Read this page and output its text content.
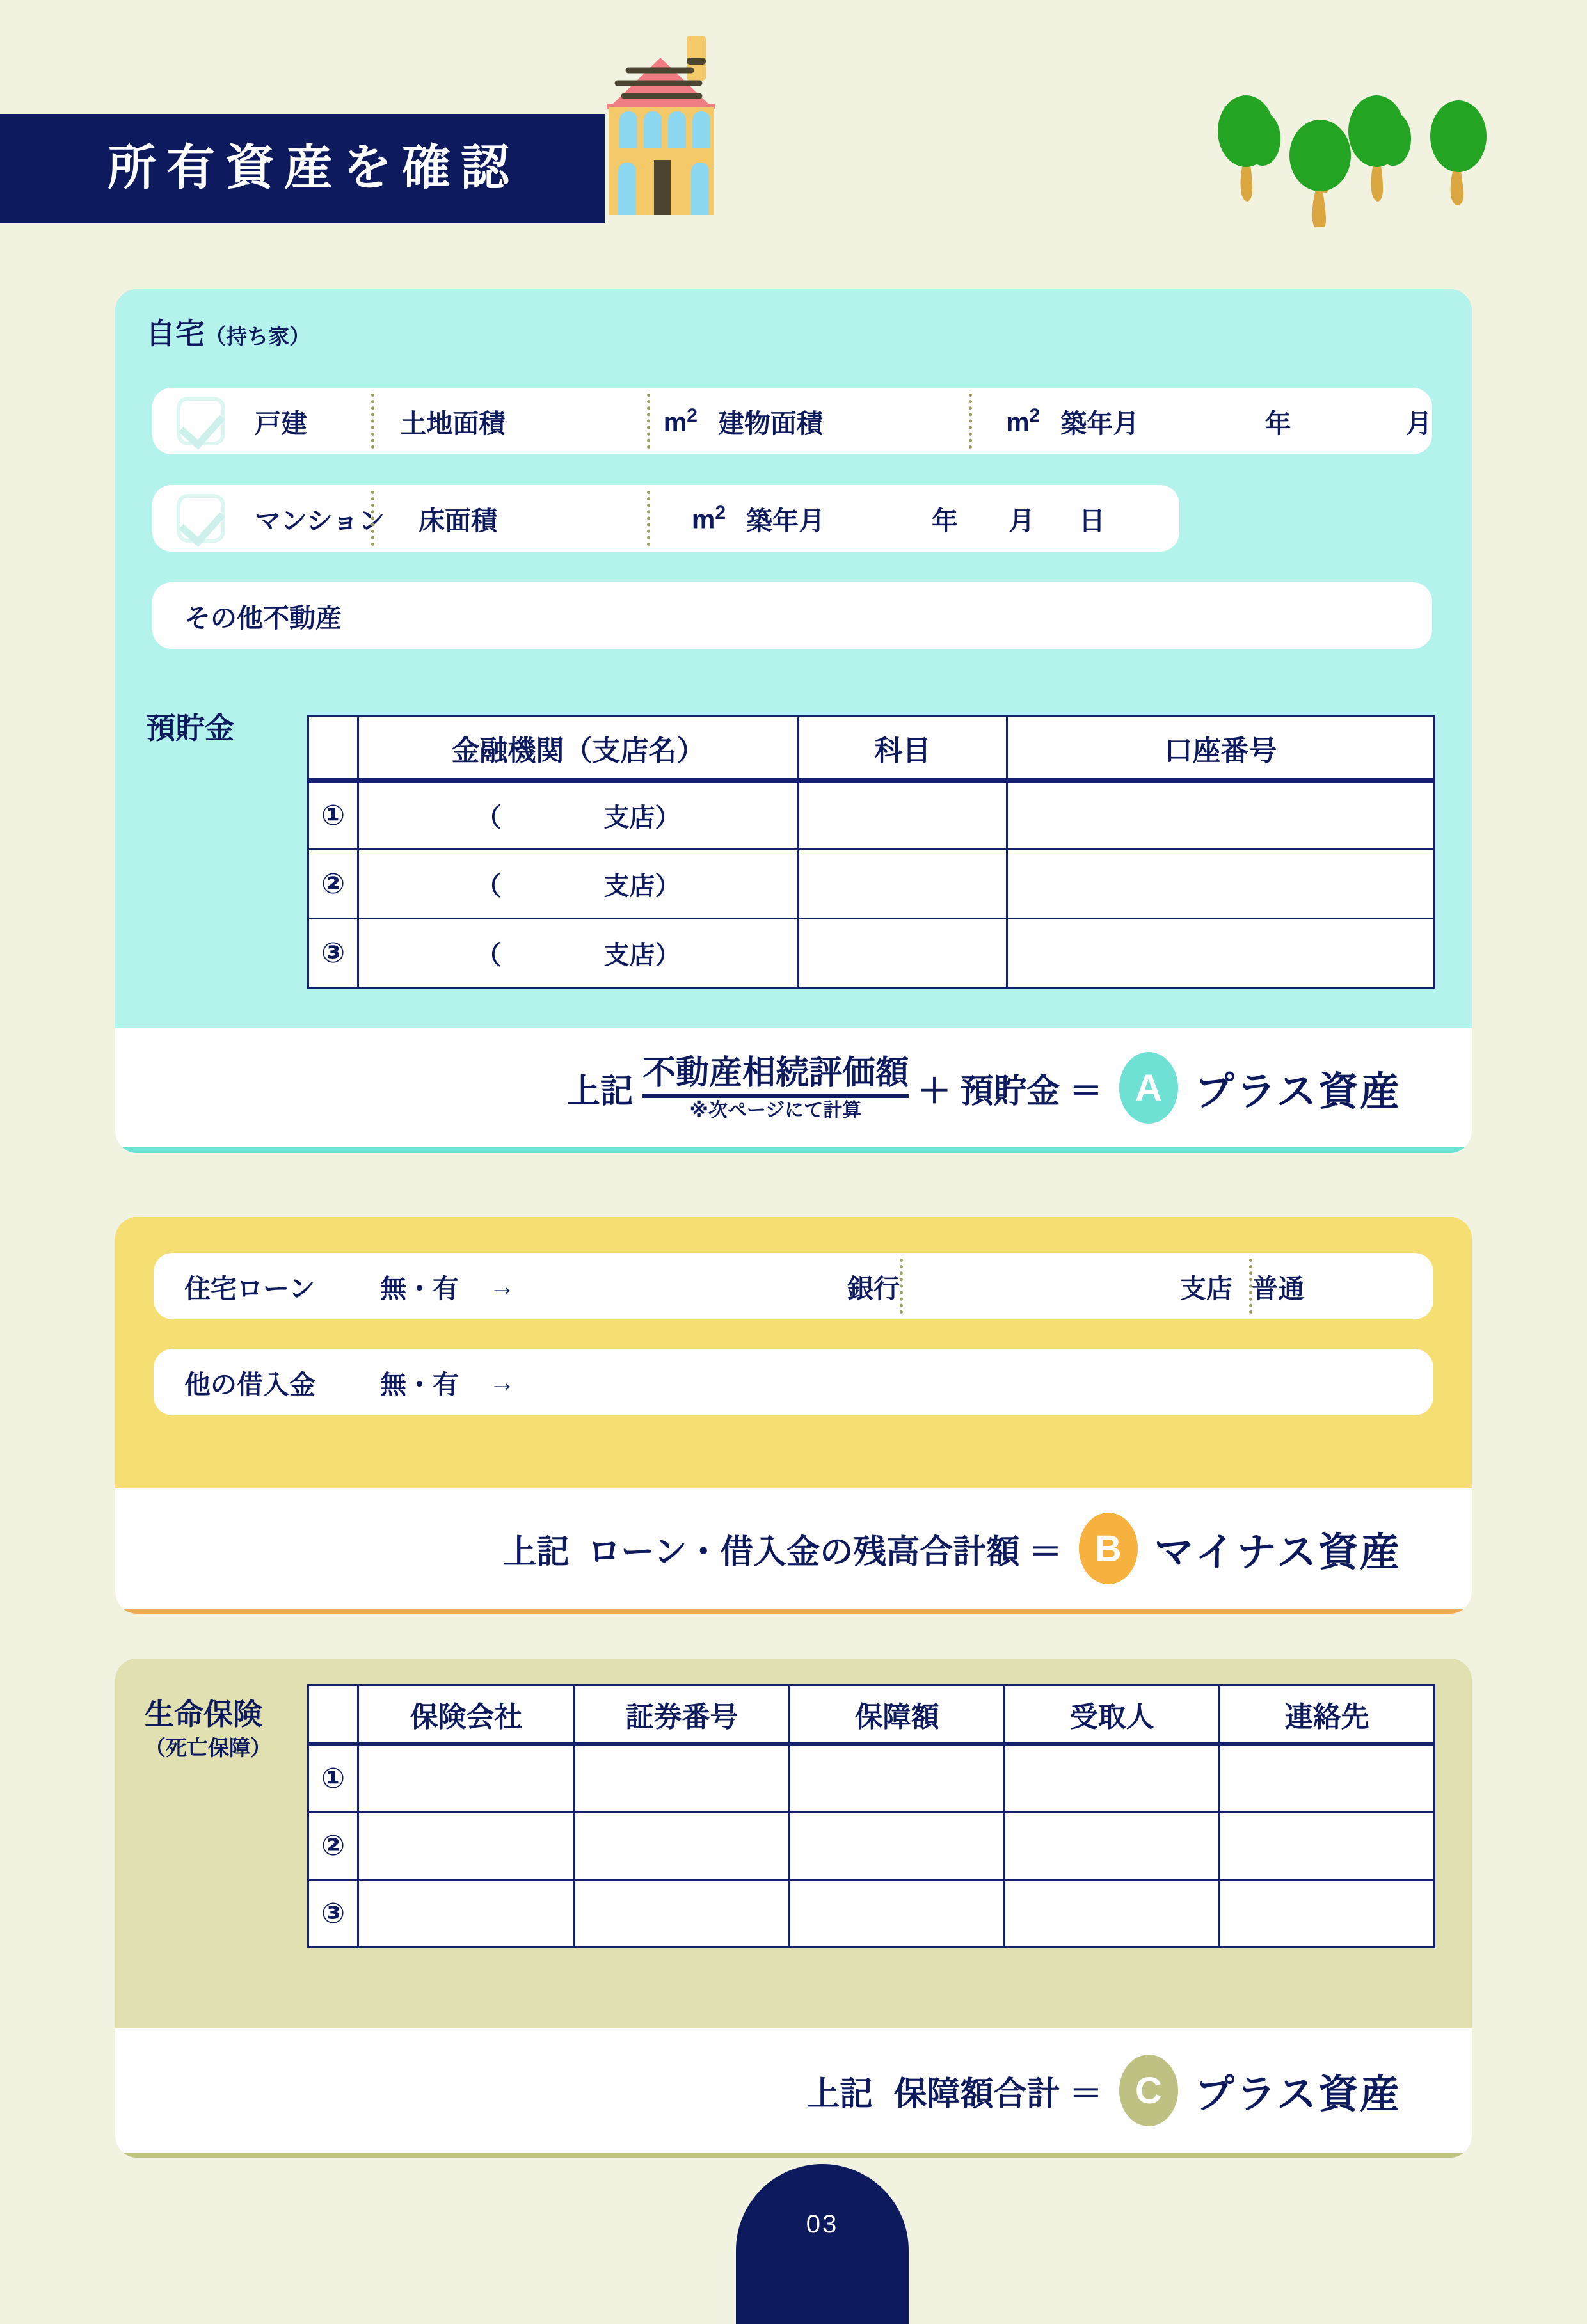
所有資産を確認
上記 不動産相続評価額
※次ページにて計算
＋ 預貯金 ＝ A プラス資産
自宅（持ち家）
戸建	土地面積	$m^2$ 建物面積	$m^2$ 築年月	年	月
マンション	床面積	$m^2$ 築年月	年	月	日
その他不動産
預貯金
	金融機関（支店名）	科目	口座番号
①	（　　　　支店）		
②	（　　　　支店）		
③	（　　　　支店）		
上記 ローン・借入金の残高合計額 ＝ B マイナス資産
住宅ローン	無・有	→	銀行	支店 普通
他の借入金	無・有	→
上記 保障額合計 ＝ C プラス資産
生命保険
（死亡保障）
	保険会社	証券番号	保障額	受取人	連絡先
①					
②					
③					
03
